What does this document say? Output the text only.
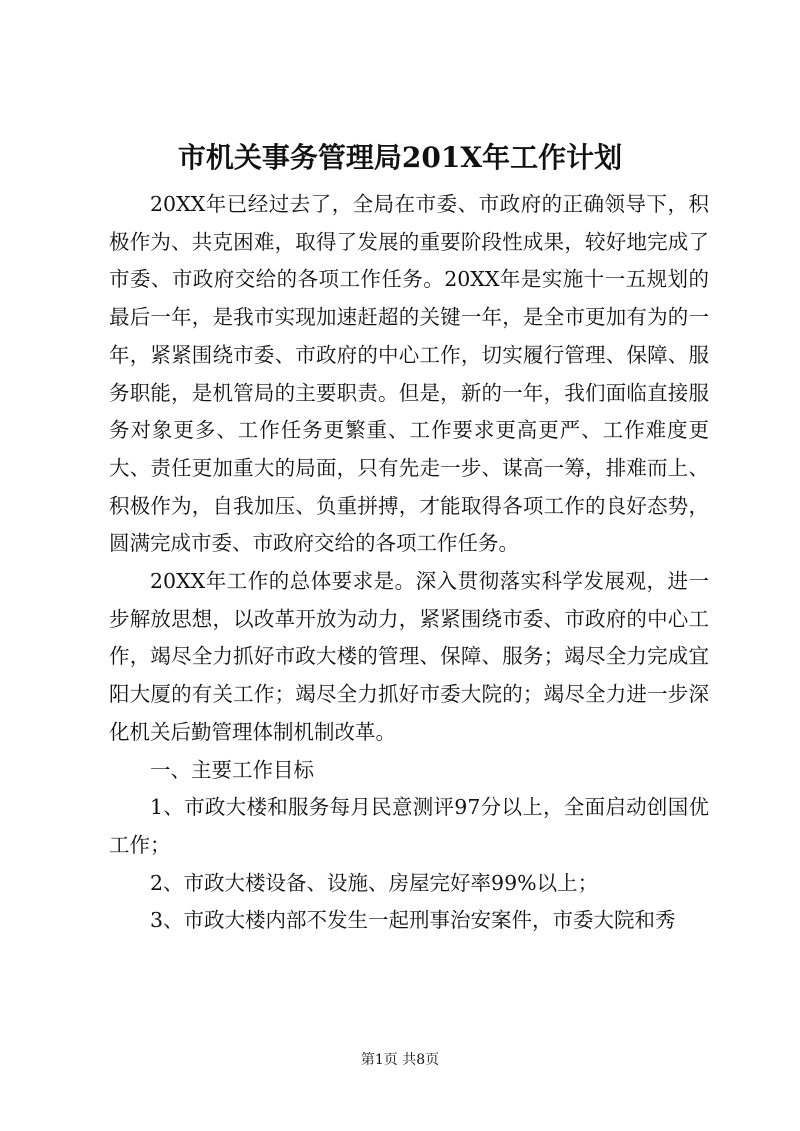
市机关事务管理局201X年工作计划

20XX年已经过去了，全局在市委、市政府的正确领导下，积极作为、共克困难，取得了发展的重要阶段性成果，较好地完成了市委、市政府交给的各项工作任务。20XX年是实施十一五规划的最后一年，是我市实现加速赶超的关键一年，是全市更加有为的一年，紧紧围绕市委、市政府的中心工作，切实履行管理、保障、服务职能，是机管局的主要职责。但是，新的一年，我们面临直接服务对象更多、工作任务更繁重、工作要求更高更严、工作难度更大、责任更加重大的局面，只有先走一步、谋高一筹，排难而上、积极作为，自我加压、负重拼搏，才能取得各项工作的良好态势，圆满完成市委、市政府交给的各项工作任务。

20XX年工作的总体要求是。深入贯彻落实科学发展观，进一步解放思想，以改革开放为动力，紧紧围绕市委、市政府的中心工作，竭尽全力抓好市政大楼的管理、保障、服务；竭尽全力完成宜阳大厦的有关工作；竭尽全力抓好市委大院的；竭尽全力进一步深化机关后勤管理体制机制改革。

一、主要工作目标

1、市政大楼和服务每月民意测评97分以上，全面启动创国优工作；

2、市政大楼设备、设施、房屋完好率99%以上；

3、市政大楼内部不发生一起刑事治安案件，市委大院和秀

第1页 共8页
